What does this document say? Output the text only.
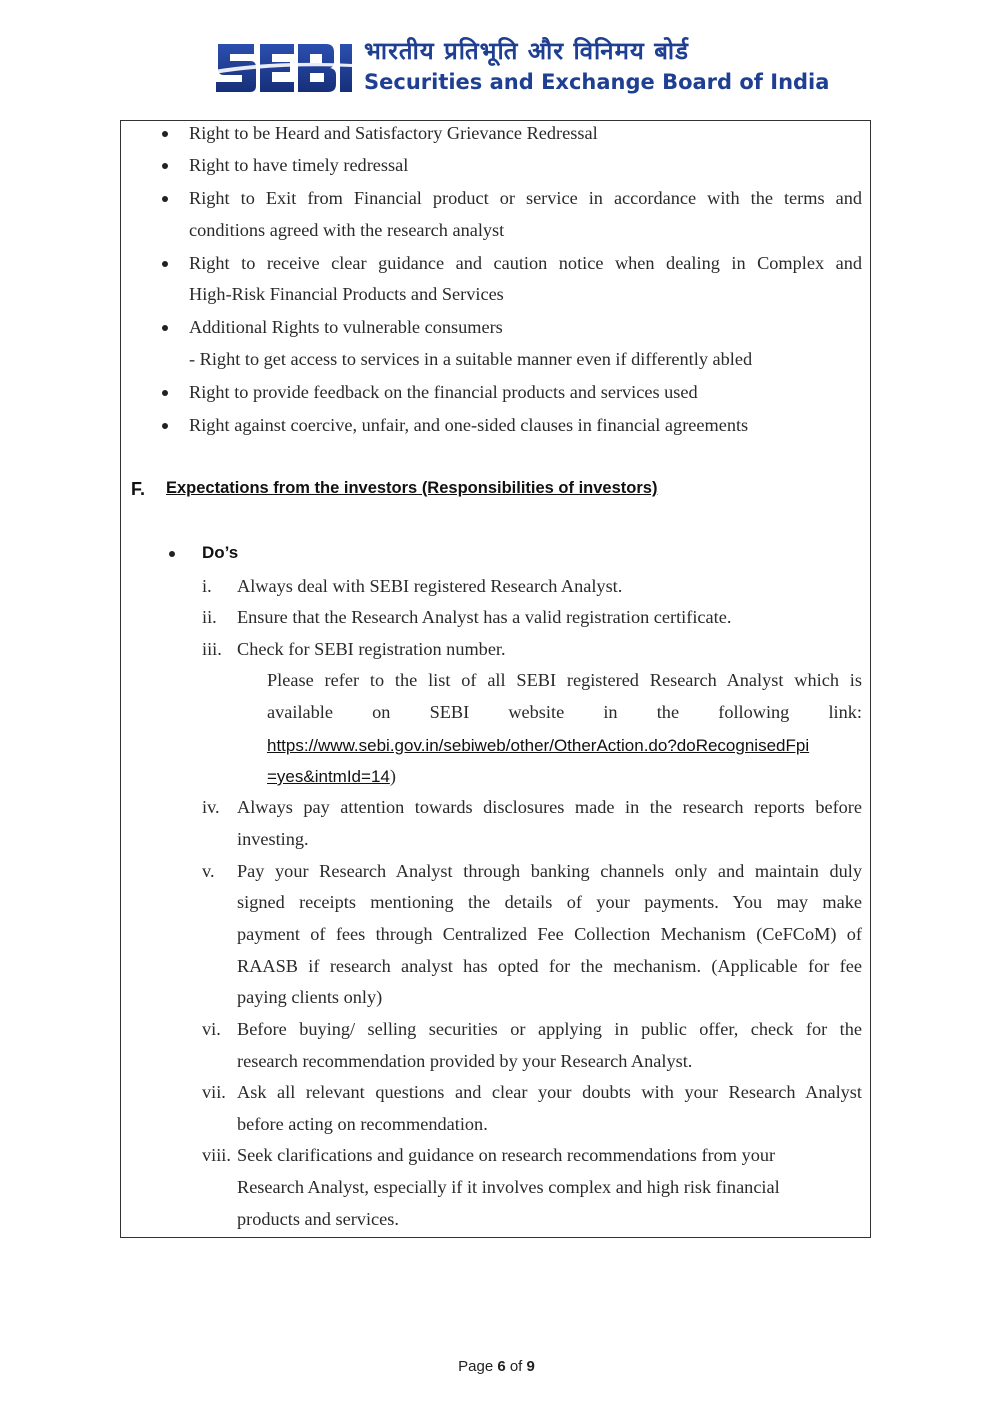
भारतीय प्रतिभूति और विनिमय बोर्ड
Securities and Exchange Board of India
Right to be Heard and Satisfactory Grievance Redressal
Right to have timely redressal
Right to Exit from Financial product or service in accordance with the terms and
conditions agreed with the research analyst
Right to receive clear guidance and caution notice when dealing in Complex and
High-Risk Financial Products and Services
Additional Rights to vulnerable consumers
- Right to get access to services in a suitable manner even if differently abled
Right to provide feedback on the financial products and services used
Right against coercive, unfair, and one-sided clauses in financial agreements
F. Expectations from the investors (Responsibilities of investors)
Do’s
i. Always deal with SEBI registered Research Analyst.
ii. Ensure that the Research Analyst has a valid registration certificate.
iii. Check for SEBI registration number.
Please refer to the list of all SEBI registered Research Analyst which is
available on SEBI website in the following link:
https://www.sebi.gov.in/sebiweb/other/OtherAction.do?doRecognisedFpi
=yes&intmId=14)
iv. Always pay attention towards disclosures made in the research reports before
investing.
v. Pay your Research Analyst through banking channels only and maintain duly
signed receipts mentioning the details of your payments. You may make
payment of fees through Centralized Fee Collection Mechanism (CeFCoM) of
RAASB if research analyst has opted for the mechanism. (Applicable for fee
paying clients only)
vi. Before buying/ selling securities or applying in public offer, check for the
research recommendation provided by your Research Analyst.
vii. Ask all relevant questions and clear your doubts with your Research Analyst
before acting on recommendation.
viii. Seek clarifications and guidance on research recommendations from your
Research Analyst, especially if it involves complex and high risk financial
products and services.
Page 6 of 9
